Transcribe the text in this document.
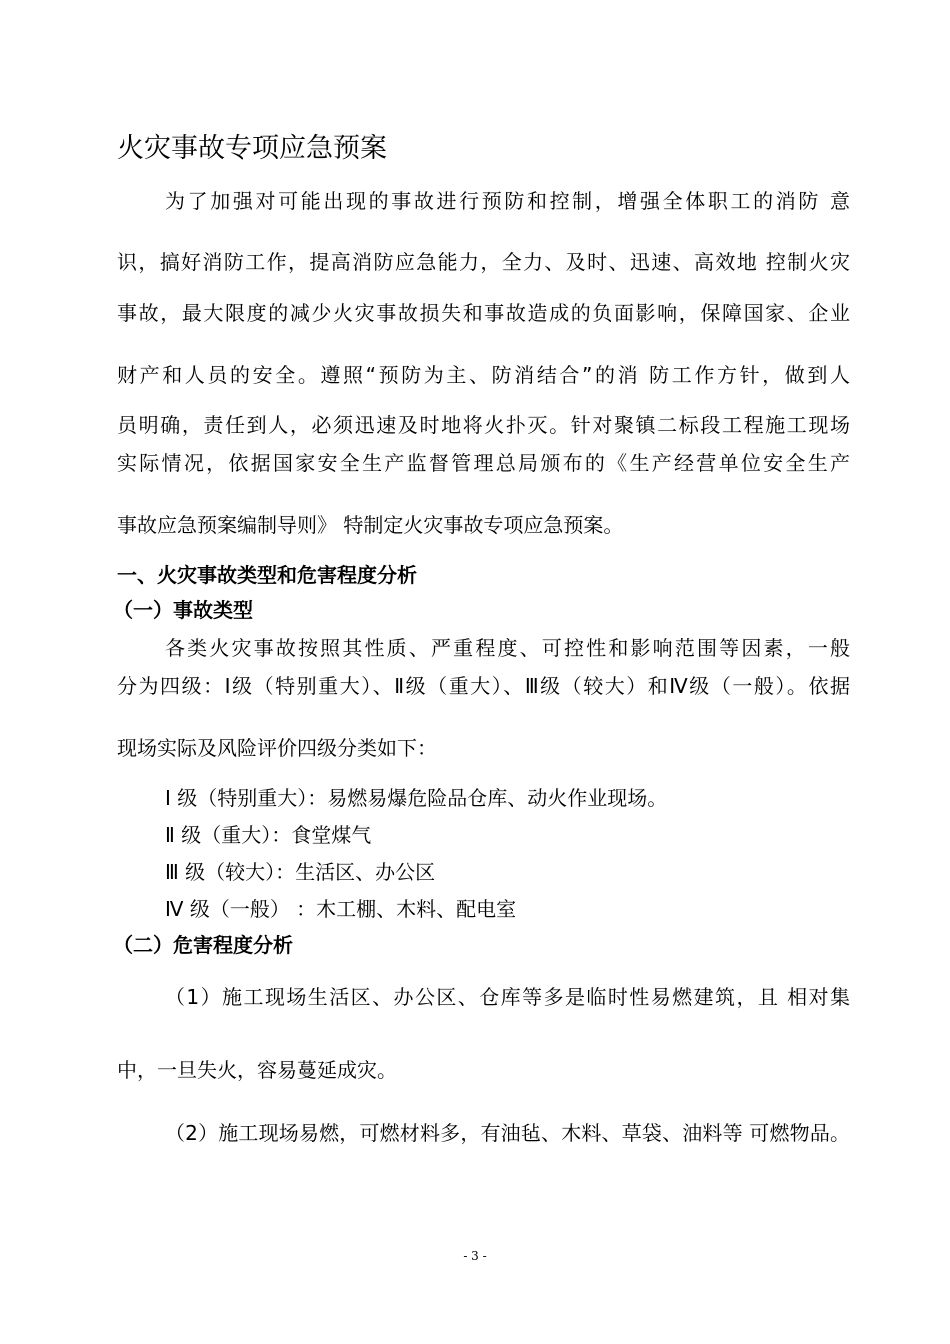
火灾事故专项应急预案
为了加强对可能出现的事故进行预防和控制，增强全体职工的消防 意
识，搞好消防工作，提高消防应急能力，全力、及时、迅速、高效地 控制火灾
事故，最大限度的减少火灾事故损失和事故造成的负面影响，保障国家、企业
财产和人员的安全。遵照“预防为主、防消结合”的消 防工作方针，做到人
员明确，责任到人，必须迅速及时地将火扑灭。针对聚镇二标段工程施工现场
实际情况，依据国家安全生产监督管理总局颁布的《生产经营单位安全生产
事故应急预案编制导则》 特制定火灾事故专项应急预案。
一、火灾事故类型和危害程度分析
（一）事故类型
各类火灾事故按照其性质、严重程度、可控性和影响范围等因素，一般
分为四级：Ⅰ级（特别重大）、Ⅱ级（重大）、Ⅲ级（较大）和Ⅳ级（一般）。依据
现场实际及风险评价四级分类如下：
Ⅰ 级（特别重大）：易燃易爆危险品仓库、动火作业现场。
Ⅱ 级（重大）：食堂煤气
Ⅲ 级（较大）：生活区、办公区
Ⅳ 级（一般） ：木工棚、木料、配电室
（二）危害程度分析
（1）施工现场生活区、办公区、仓库等多是临时性易燃建筑，且 相对集
中，一旦失火，容易蔓延成灾。
（2）施工现场易燃，可燃材料多，有油毡、木料、草袋、油料等 可燃物品。
- 3 -
